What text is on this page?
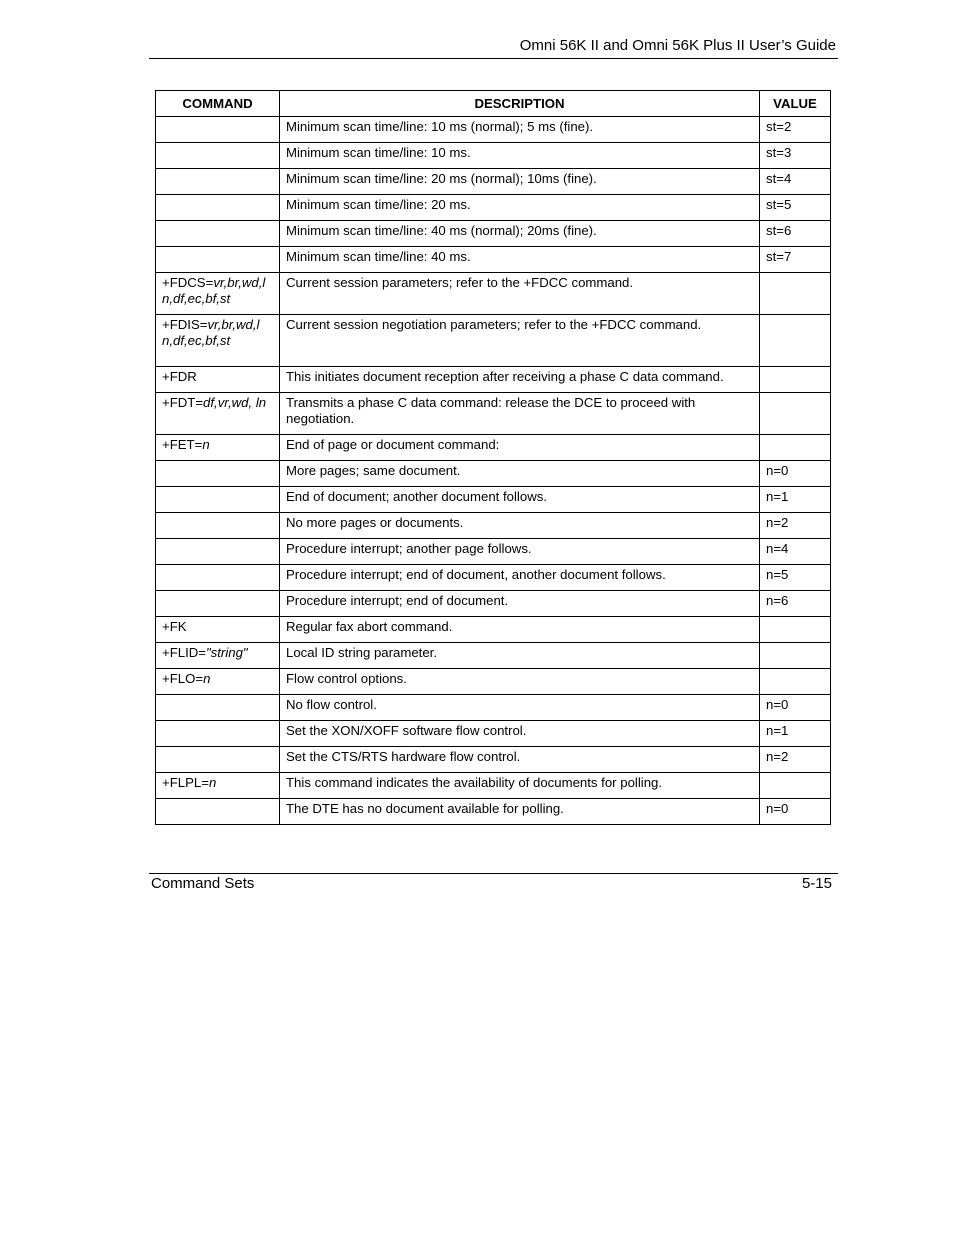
Omni 56K II and Omni 56K Plus II User’s Guide
COMMAND	DESCRIPTION	VALUE
	Minimum scan time/line: 10 ms (normal); 5 ms (fine).	st=2
	Minimum scan time/line: 10 ms.	st=3
	Minimum scan time/line: 20 ms (normal); 10ms (fine).	st=4
	Minimum scan time/line: 20 ms.	st=5
	Minimum scan time/line: 40 ms (normal); 20ms (fine).	st=6
	Minimum scan time/line: 40 ms.	st=7
+FDCS=vr,br,wd,l n,df,ec,bf,st	Current session parameters; refer to the +FDCC command.	
+FDIS=vr,br,wd,l n,df,ec,bf,st	Current session negotiation parameters; refer to the +FDCC command.	
+FDR	This initiates document reception after receiving a phase C data command.	
+FDT=df,vr,wd, ln	Transmits a phase C data command: release the DCE to proceed with negotiation.	
+FET=n	End of page or document command:	
	More pages; same document.	n=0
	End of document; another document follows.	n=1
	No more pages or documents.	n=2
	Procedure interrupt; another page follows.	n=4
	Procedure interrupt; end of document, another document follows.	n=5
	Procedure interrupt; end of document.	n=6
+FK	Regular fax abort command.	
+FLID="string"	Local ID string parameter.	
+FLO=n	Flow control options.	
	No flow control.	n=0
	Set the XON/XOFF software flow control.	n=1
	Set the CTS/RTS hardware flow control.	n=2
+FLPL=n	This command indicates the availability of documents for polling.	
	The DTE has no document available for polling.	n=0
Command Sets	5-15
